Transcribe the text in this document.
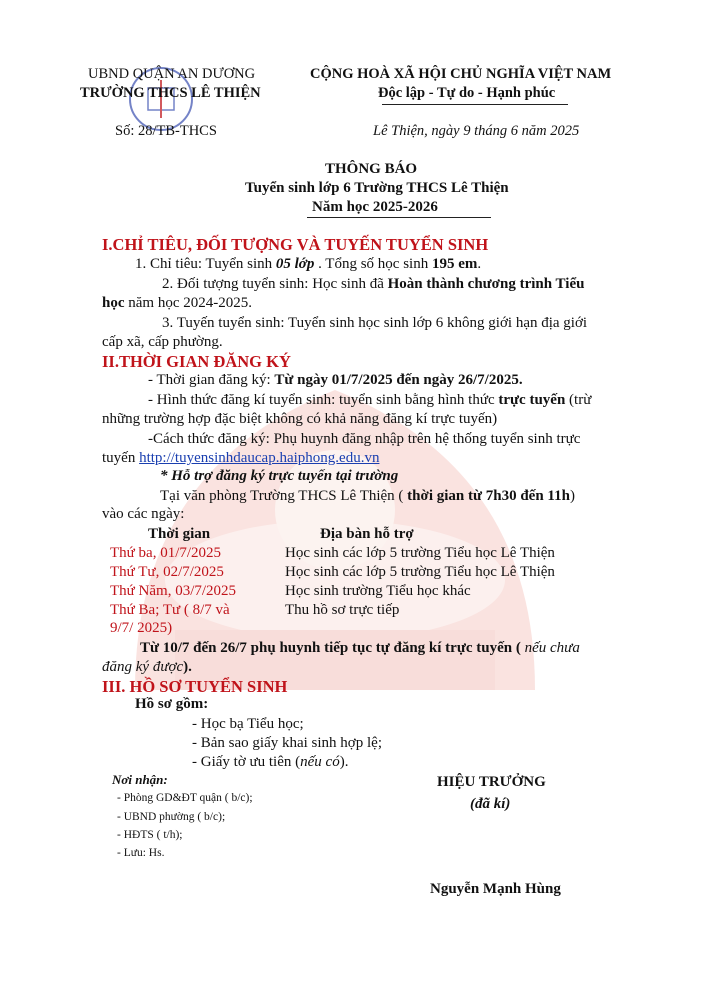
UBND QUẬN AN DƯƠNG
TRƯỜNG THCS LÊ THIỆN
Số: 28/TB-THCS
CỘNG HOÀ XÃ HỘI CHỦ NGHĨA VIỆT NAM
Độc lập - Tự do - Hạnh phúc
Lê Thiện, ngày 9 tháng 6 năm 2025
THÔNG BÁO
Tuyển sinh lớp 6 Trường THCS Lê Thiện
Năm học 2025-2026
I.CHỈ TIÊU, ĐỐI TƯỢNG VÀ TUYẾN TUYỂN SINH
1. Chỉ tiêu: Tuyển sinh 05 lớp . Tổng số học sinh 195 em.
2. Đối tượng tuyển sinh: Học sinh đã Hoàn thành chương trình Tiểu
học năm học 2024-2025.
3. Tuyến tuyển sinh: Tuyển sinh học sinh lớp 6 không giới hạn địa giới
cấp xã, cấp phường.
II.THỜI GIAN ĐĂNG KÝ
- Thời gian đăng ký: Từ ngày 01/7/2025 đến ngày 26/7/2025.
- Hình thức đăng kí tuyển sinh: tuyển sinh bằng hình thức trực tuyến (trừ
những trường hợp đặc biệt không có khả năng đăng kí trực tuyến)
-Cách thức đăng ký: Phụ huynh đăng nhập trên hệ thống tuyển sinh trực
tuyến http://tuyensinhdaucap.haiphong.edu.vn
* Hỗ trợ đăng ký trực tuyến tại trường
Tại văn phòng Trường THCS Lê Thiện ( thời gian từ 7h30 đến 11h)
vào các ngày:
Thời gian	Địa bàn hỗ trợ
Thứ ba, 01/7/2025	Học sinh các lớp 5 trường Tiểu học Lê Thiện
Thứ Tư, 02/7/2025	Học sinh các lớp 5 trường Tiểu học Lê Thiện
Thứ Năm, 03/7/2025	Học sinh trường Tiểu học khác
Thứ Ba; Tư ( 8/7 và	Thu hồ sơ trực tiếp
9/7/ 2025)
Từ 10/7 đến 26/7 phụ huynh tiếp tục tự đăng kí trực tuyến ( nếu chưa
đăng ký được).
III. HỒ SƠ TUYỂN SINH
Hồ sơ gồm:
- Học bạ Tiểu học;
- Bản sao giấy khai sinh hợp lệ;
- Giấy tờ ưu tiên (nếu có).
Nơi nhận:
- Phòng GD&ĐT quận ( b/c);
- UBND phường ( b/c);
- HĐTS ( t/h);
- Lưu: Hs.
HIỆU TRƯỞNG
(đã kí)
Nguyễn Mạnh Hùng
